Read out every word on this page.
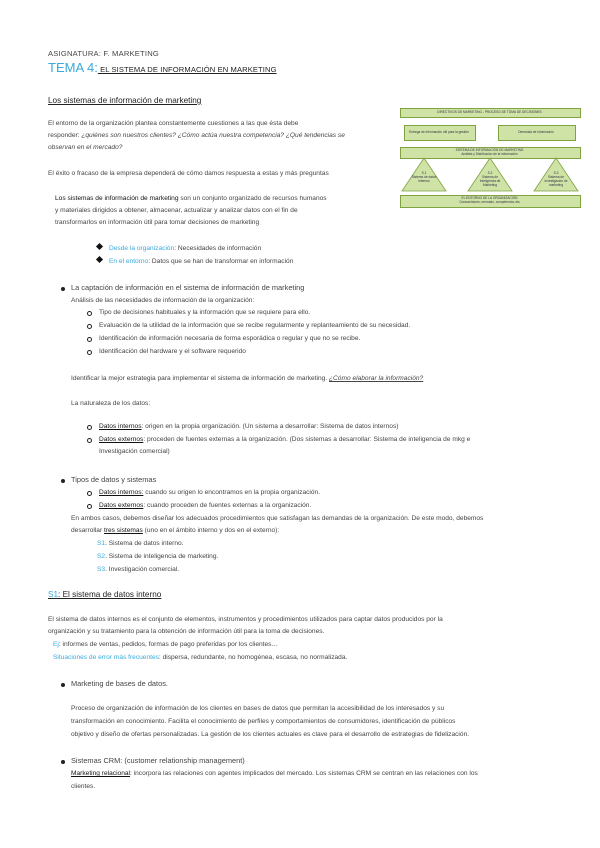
ASIGNATURA: F. MARKETING
TEMA 4: EL SISTEMA DE INFORMACIÓN EN MARKETING
Los sistemas de información de marketing
El entorno de la organización plantea constantemente cuestiones a las que ésta debe
responder: ¿quiénes son nuestros clientes? ¿Cómo actúa nuestra competencia? ¿Qué tendencias se
observan en el mercado?
El éxito o fracaso de la empresa dependerá de cómo damos respuesta a estas y más preguntas
Los sistemas de información de marketing son un conjunto organizado de recursos humanos
y materiales dirigidos a obtener, almacenar, actualizar y analizar datos con el fin de
transformarlos en información útil para tomar decisiones de marketing
Desde la organización: Necesidades de información
En el entorno: Datos que se han de transformar en información
DIRECTIVOS DE MARKETING - PROCESO DE TOMA DE DECISIONES
Entrega de información útil para la gestión	Demanda de información
SISTEMA DE INFORMACIÓN DE MARKETING
Análisis y Distribución de la información
S.1
Sistema de datos internos
S.2
Sistema de Inteligencia de Marketing
S.3
Sistema de Investigación de marketing
EL ENTORNO DE LA ORGANIZACIÓN
Consumidores, mercado, competencia, etc
La captación de información en el sistema de información de marketing
Análisis de las necesidades de información de la organización:
Tipo de decisiones habituales y la información que se requiere para ello.
Evaluación de la utilidad de la información que se recibe regularmente y replanteamiento de su necesidad.
Identificación de información necesaria de forma esporádica o regular y que no se recibe.
Identificación del hardware y el software requerido
Identificar la mejor estrategia para implementar el sistema de información de marketing. ¿Cómo elaborar la información?
La naturaleza de los datos:
Datos internos: origen en la propia organización. (Un sistema a desarrollar: Sistema de datos internos)
Datos externos: proceden de fuentes externas a la organización. (Dos sistemas a desarrollar: Sistema de inteligencia de mkg e
Investigación comercial)
Tipos de datos y sistemas
Datos internos: cuando su origen lo encontramos en la propia organización.
Datos externos: cuando proceden de fuentes externas a la organización.
En ambos casos, debemos diseñar los adecuados procedimientos que satisfagan las demandas de la organización. De este modo, debemos
desarrollar tres sistemas (uno en el ámbito interno y dos en el externo):
S1. Sistema de datos interno.
S2. Sistema de inteligencia de marketing.
S3. Investigación comercial.
S1: El sistema de datos interno
El sistema de datos internos es el conjunto de elementos, instrumentos y procedimientos utilizados para captar datos producidos por la
organización y su tratamiento para la obtención de información útil para la toma de decisiones.
Ej: informes de ventas, pedidos, formas de pago preferidas por los clientes…
Situaciones de error más frecuentes: dispersa, redundante, no homogénea, escasa, no normalizada.
Marketing de bases de datos.
Proceso de organización de información de los clientes en bases de datos que permitan la accesibilidad de los interesados y su
transformación en conocimiento. Facilita el conocimiento de perfiles y comportamientos de consumidores, identificación de públicos
objetivo y diseño de ofertas personalizadas. La gestión de los clientes actuales es clave para el desarrollo de estrategias de fidelización.
Sistemas CRM: (customer relationship management)
Marketing relacional: incorpora las relaciones con agentes implicados del mercado. Los sistemas CRM se centran en las relaciones con los
clientes.
